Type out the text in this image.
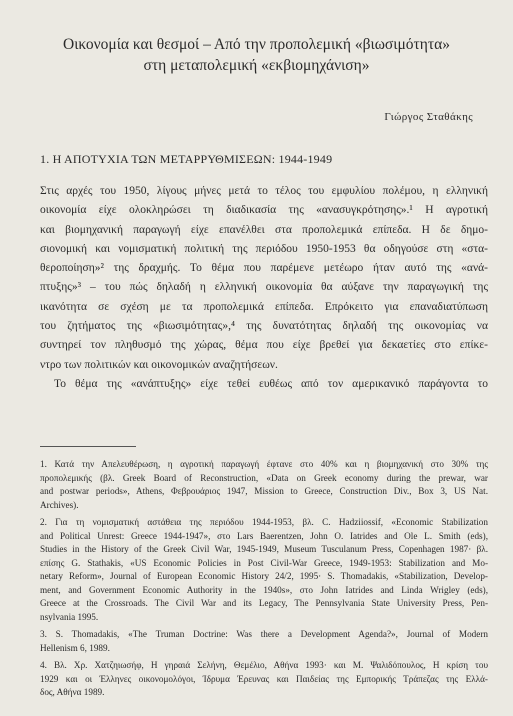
Οικονομία και θεσμοί – Από την προπολεμική «βιωσιμότητα»
στη μεταπολεμική «εκβιομηχάνιση»
Γιώργος Σταθάκης
1. Η ΑΠΟΤΥΧΙΑ ΤΩΝ ΜΕΤΑΡΡΥΘΜΙΣΕΩΝ: 1944-1949
Στις αρχές του 1950, λίγους μήνες μετά το τέλος του εμφυλίου πολέμου, η ελληνική
οικονομία είχε ολοκληρώσει τη διαδικασία της «ανασυγκρότησης».¹ Η αγροτική
και βιομηχανική παραγωγή είχε επανέλθει στα προπολεμικά επίπεδα. Η δε δημο-
σιονομική και νομισματική πολιτική της περιόδου 1950-1953 θα οδηγούσε στη «στα-
θεροποίηση»² της δραχμής. Το θέμα που παρέμενε μετέωρο ήταν αυτό της «ανά-
πτυξης»³ – του πώς δηλαδή η ελληνική οικονομία θα αύξανε την παραγωγική της
ικανότητα σε σχέση με τα προπολεμικά επίπεδα. Επρόκειτο για επαναδιατύπωση
του ζητήματος της «βιωσιμότητας»,⁴ της δυνατότητας δηλαδή της οικονομίας να
συντηρεί τον πληθυσμό της χώρας, θέμα που είχε βρεθεί για δεκαετίες στο επίκε-
ντρο των πολιτικών και οικονομικών αναζητήσεων.
Το θέμα της «ανάπτυξης» είχε τεθεί ευθέως από τον αμερικανικό παράγοντα το
1. Κατά την Απελευθέρωση, η αγροτική παραγωγή έφτανε στο 40% και η βιομηχανική στο 30% της
προπολεμικής (βλ. Greek Board of Reconstruction, «Data on Greek economy during the prewar, war
and postwar periods», Athens, Φεβρουάριος 1947, Mission to Greece, Construction Div., Box 3, US Nat.
Archives).
2. Για τη νομισματική αστάθεια της περιόδου 1944-1953, βλ. C. Hadziiossif, «Economic Stabilization
and Political Unrest: Greece 1944-1947», στο Lars Baerentzen, John O. Iatrides and Ole L. Smith (eds),
Studies in the History of the Greek Civil War, 1945-1949, Museum Tusculanum Press, Copenhagen 1987· βλ.
επίσης G. Stathakis, «US Economic Policies in Post Civil-War Greece, 1949-1953: Stabilization and Mo-
netary Reform», Journal of European Economic History 24/2, 1995· S. Thomadakis, «Stabilization, Develop-
ment, and Government Economic Authority in the 1940s», στο John Iatrides and Linda Wrigley (eds),
Greece at the Crossroads. The Civil War and its Legacy, The Pennsylvania State University Press, Pen-
nsylvania 1995.
3. S. Thomadakis, «The Truman Doctrine: Was there a Development Agenda?», Journal of Modern
Hellenism 6, 1989.
4. Βλ. Χρ. Χατζηιωσήφ, Η γηραιά Σελήνη, Θεμέλιο, Αθήνα 1993· και Μ. Ψαλιδόπουλος, Η κρίση του
1929 και οι Έλληνες οικονομολόγοι, Ίδρυμα Έρευνας και Παιδείας της Εμπορικής Τράπεζας της Ελλά-
δος, Αθήνα 1989.
